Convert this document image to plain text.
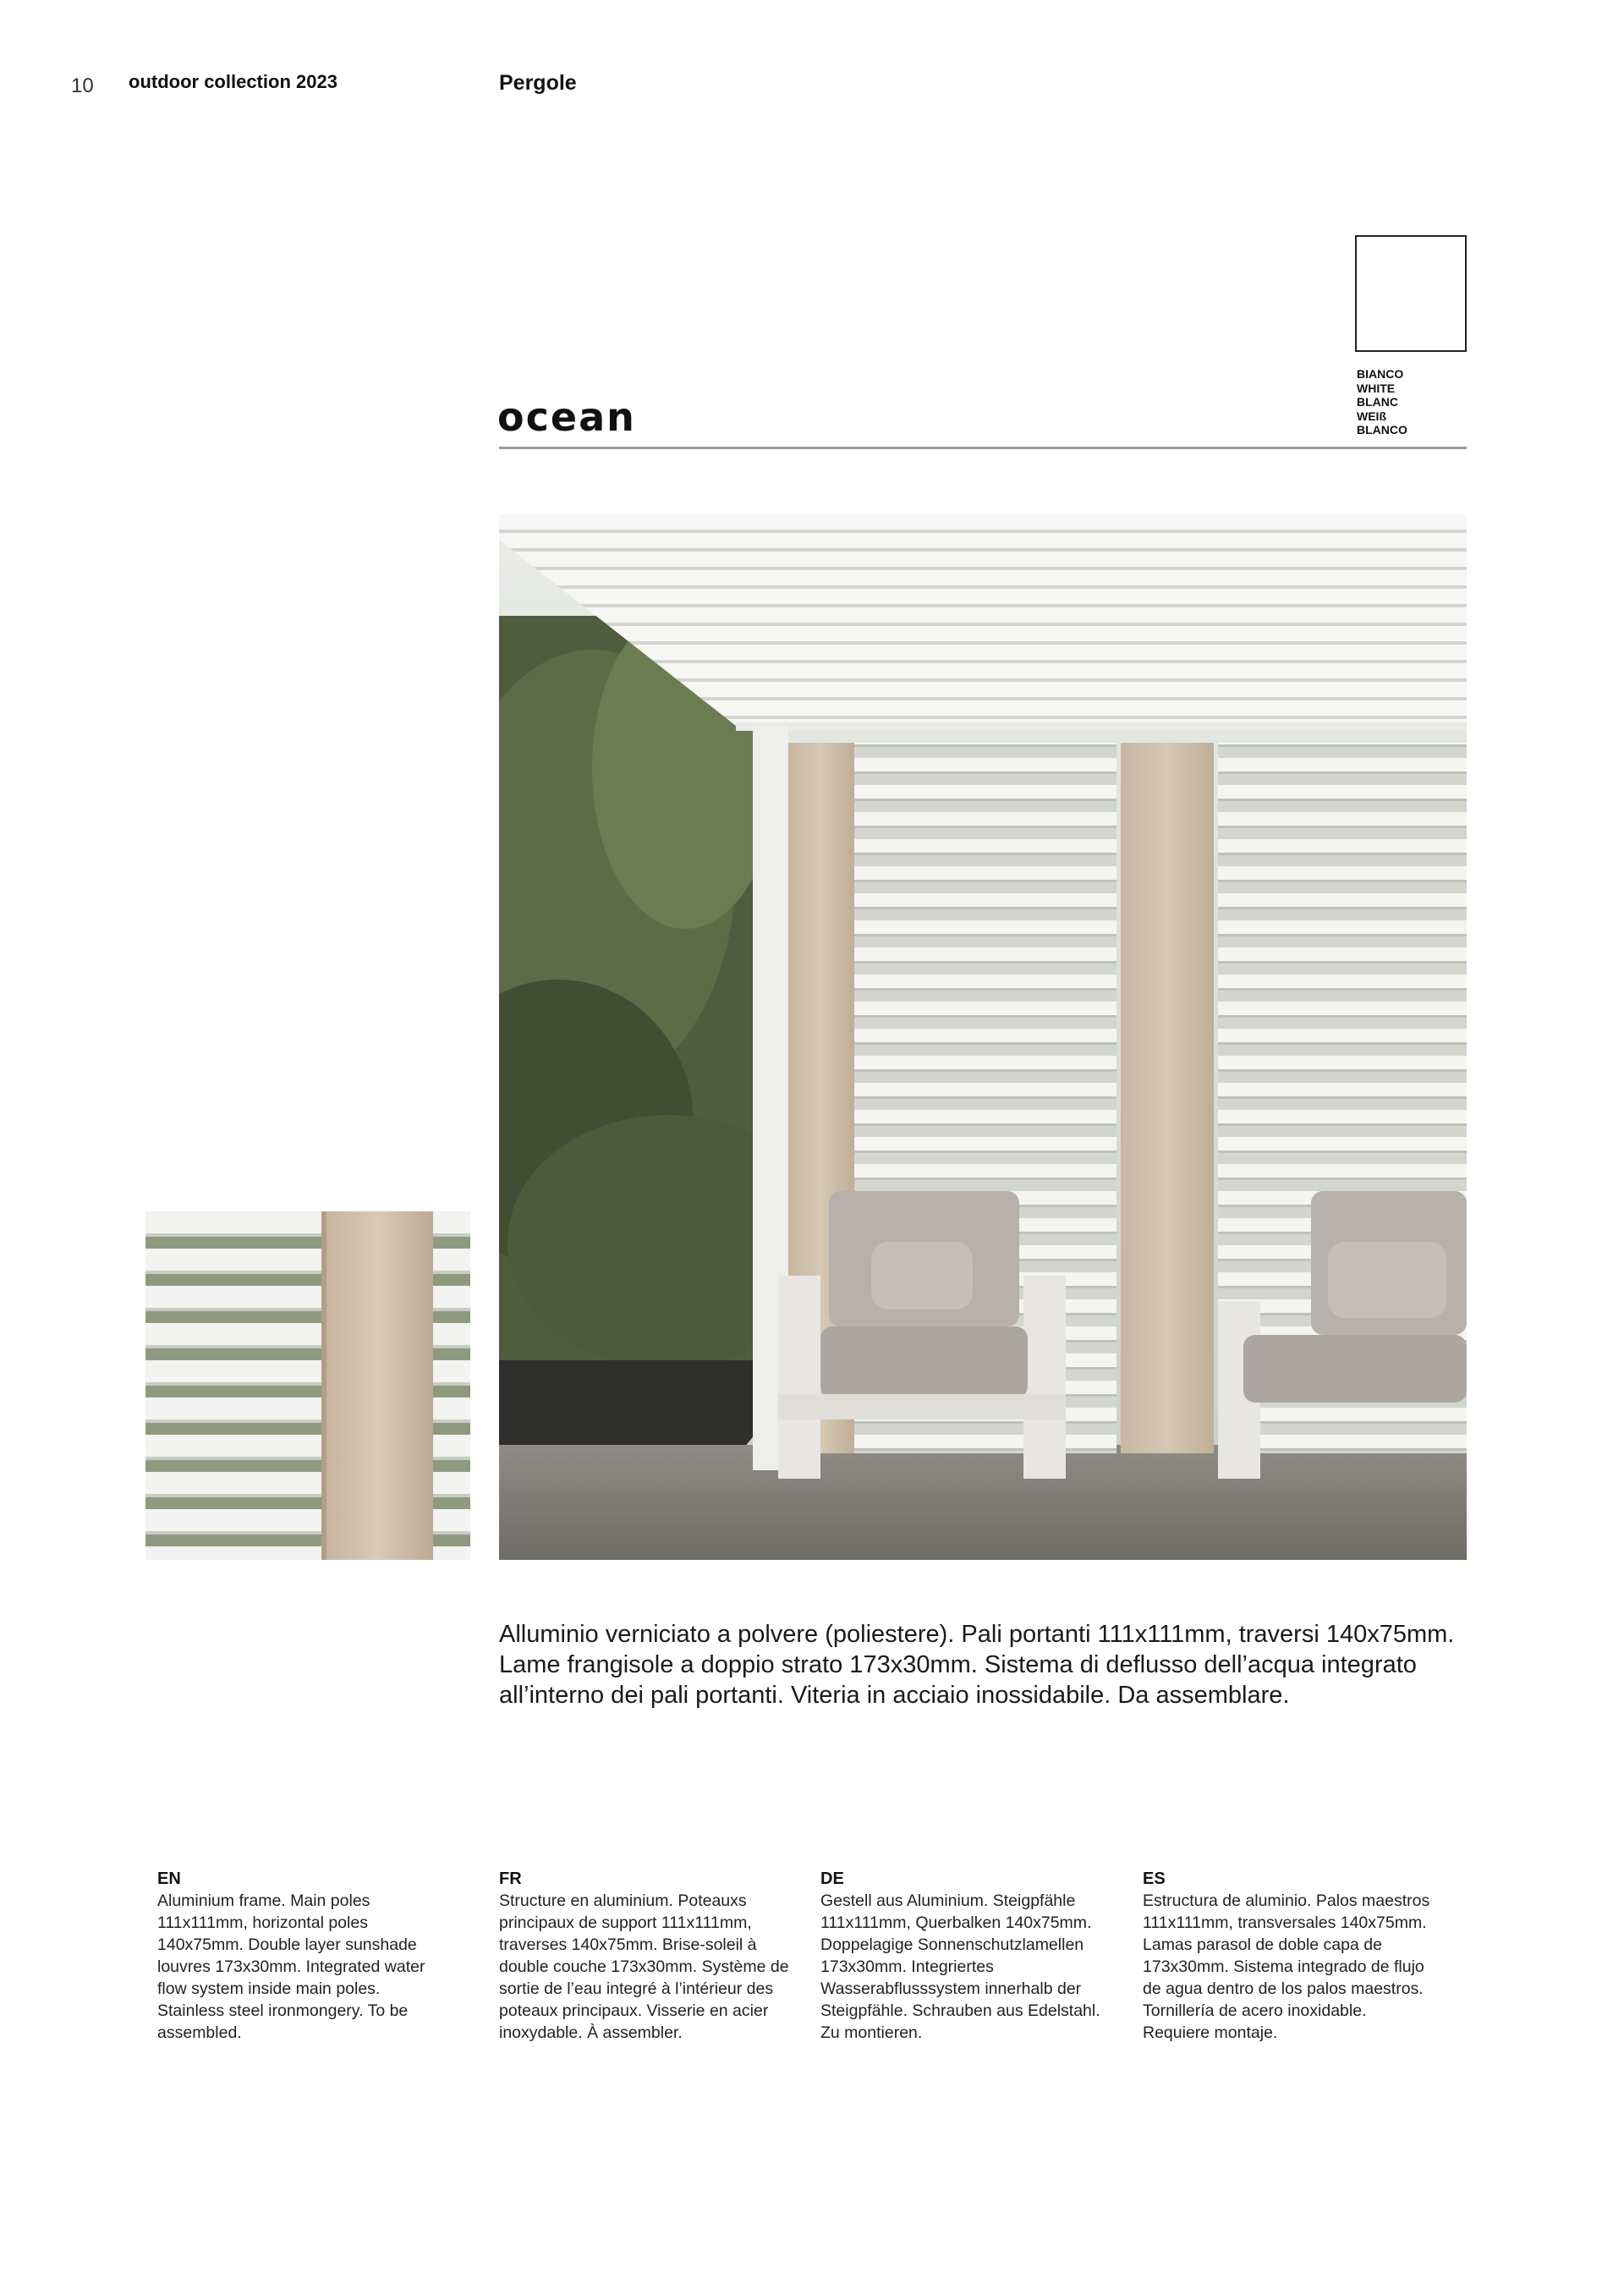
10 outdoor collection 2023	Pergole
BIANCO
WHITE
BLANC
WEIß
BLANCO
ocean

Alluminio verniciato a polvere (poliestere). Pali portanti 111x111mm, traversi 140x75mm. Lame frangisole a doppio strato 173x30mm. Sistema di deflusso dell’acqua integrato all’interno dei pali portanti. Viteria in acciaio inossidabile. Da assemblare.

EN
Aluminium frame. Main poles 111x111mm, horizontal poles 140x75mm. Double layer sunshade louvres 173x30mm. Integrated water flow system inside main poles. Stainless steel ironmongery. To be assembled.
FR
Structure en aluminium. Poteauxs principaux de support 111x111mm, traverses 140x75mm. Brise-soleil à double couche 173x30mm. Système de sortie de l’eau integré à l’intérieur des poteaux principaux. Visserie en acier inoxydable. À assembler.
DE
Gestell aus Aluminium. Steigpfähle 111x111mm, Querbalken 140x75mm. Doppelagige Sonnenschutzlamellen 173x30mm. Integriertes Wasserabflusssystem innerhalb der Steigpfähle. Schrauben aus Edelstahl. Zu montieren.
ES
Estructura de aluminio. Palos maestros 111x111mm, transversales 140x75mm. Lamas parasol de doble capa de 173x30mm. Sistema integrado de flujo de agua dentro de los palos maestros. Tornillería de acero inoxidable. Requiere montaje.
